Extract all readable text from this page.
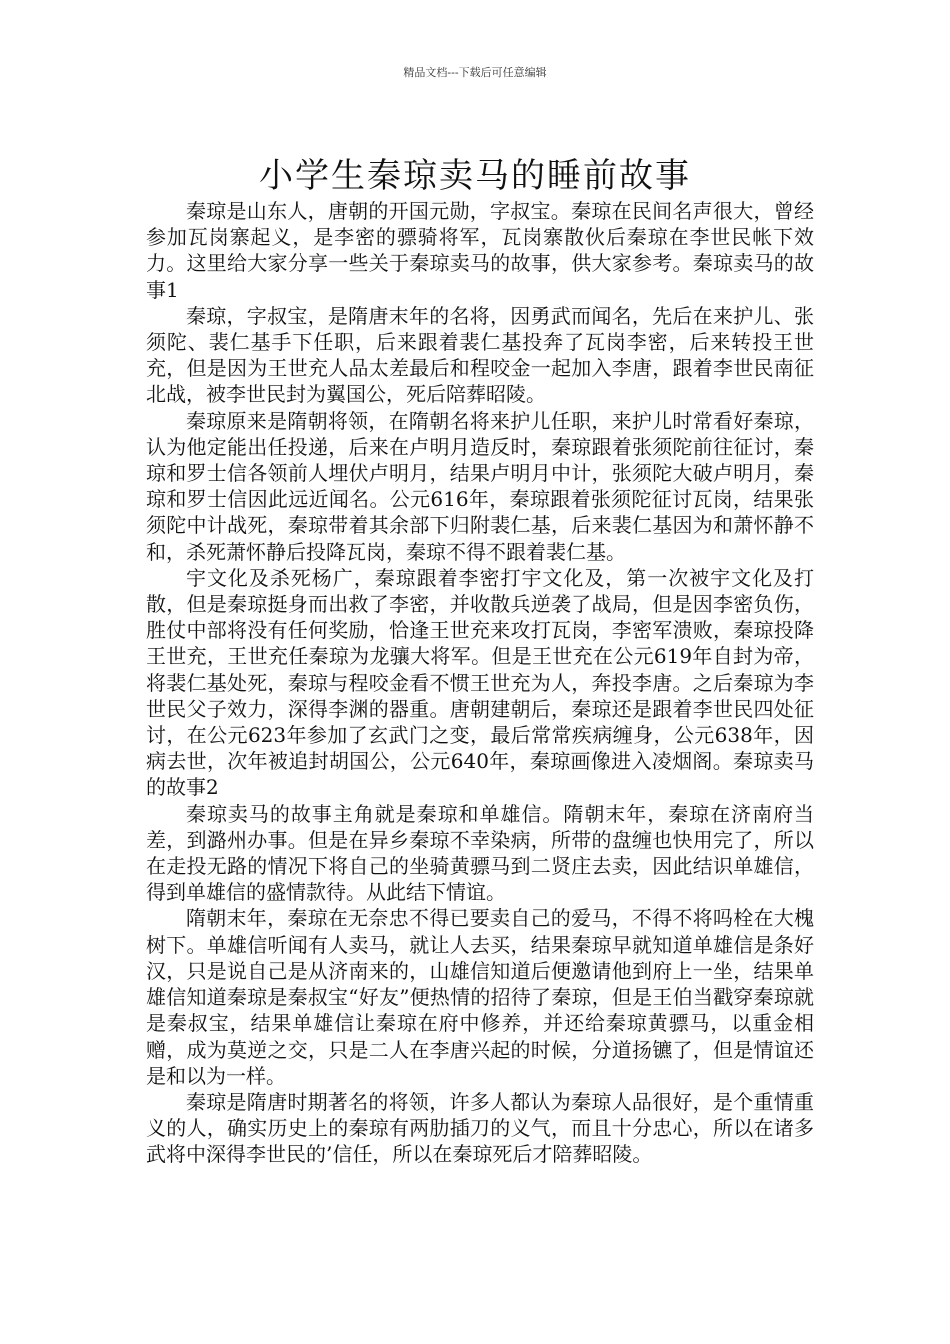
精品文档---下载后可任意编辑
小学生秦琼卖马的睡前故事

秦琼是山东人，唐朝的开国元勋，字叔宝。秦琼在民间名声很大，曾经参加瓦岗寨起义，是李密的骠骑将军，瓦岗寨散伙后秦琼在李世民帐下效力。这里给大家分享一些关于秦琼卖马的故事，供大家参考。秦琼卖马的故事1

秦琼，字叔宝，是隋唐末年的名将，因勇武而闻名，先后在来护儿、张须陀、裴仁基手下任职，后来跟着裴仁基投奔了瓦岗李密，后来转投王世充，但是因为王世充人品太差最后和程咬金一起加入李唐，跟着李世民南征北战，被李世民封为翼国公，死后陪葬昭陵。

秦琼原来是隋朝将领，在隋朝名将来护儿任职，来护儿时常看好秦琼，认为他定能出任投递，后来在卢明月造反时，秦琼跟着张须陀前往征讨，秦琼和罗士信各领前人埋伏卢明月，结果卢明月中计，张须陀大破卢明月，秦琼和罗士信因此远近闻名。公元616年，秦琼跟着张须陀征讨瓦岗，结果张须陀中计战死，秦琼带着其余部下归附裴仁基，后来裴仁基因为和萧怀静不和，杀死萧怀静后投降瓦岗，秦琼不得不跟着裴仁基。

宇文化及杀死杨广，秦琼跟着李密打宇文化及，第一次被宇文化及打散，但是秦琼挺身而出救了李密，并收散兵逆袭了战局，但是因李密负伤，胜仗中部将没有任何奖励，恰逢王世充来攻打瓦岗，李密军溃败，秦琼投降王世充，王世充任秦琼为龙骧大将军。但是王世充在公元619年自封为帝，将裴仁基处死，秦琼与程咬金看不惯王世充为人，奔投李唐。之后秦琼为李世民父子效力，深得李渊的器重。唐朝建朝后，秦琼还是跟着李世民四处征讨，在公元623年参加了玄武门之变，最后常常疾病缠身，公元638年，因病去世，次年被追封胡国公，公元640年，秦琼画像进入凌烟阁。秦琼卖马的故事2

秦琼卖马的故事主角就是秦琼和单雄信。隋朝末年，秦琼在济南府当差，到潞州办事。但是在异乡秦琼不幸染病，所带的盘缠也快用完了，所以在走投无路的情况下将自己的坐骑黄骠马到二贤庄去卖，因此结识单雄信，得到单雄信的盛情款待。从此结下情谊。

隋朝末年，秦琼在无奈忠不得已要卖自己的爱马，不得不将吗栓在大槐树下。单雄信听闻有人卖马，就让人去买，结果秦琼早就知道单雄信是条好汉，只是说自己是从济南来的，山雄信知道后便邀请他到府上一坐，结果单雄信知道秦琼是秦叔宝“好友”便热情的招待了秦琼，但是王伯当戳穿秦琼就是秦叔宝，结果单雄信让秦琼在府中修养，并还给秦琼黄骠马，以重金相赠，成为莫逆之交，只是二人在李唐兴起的时候，分道扬镳了，但是情谊还是和以为一样。

秦琼是隋唐时期著名的将领，许多人都认为秦琼人品很好，是个重情重义的人，确实历史上的秦琼有两肋插刀的义气，而且十分忠心，所以在诸多武将中深得李世民的’信任，所以在秦琼死后才陪葬昭陵。
